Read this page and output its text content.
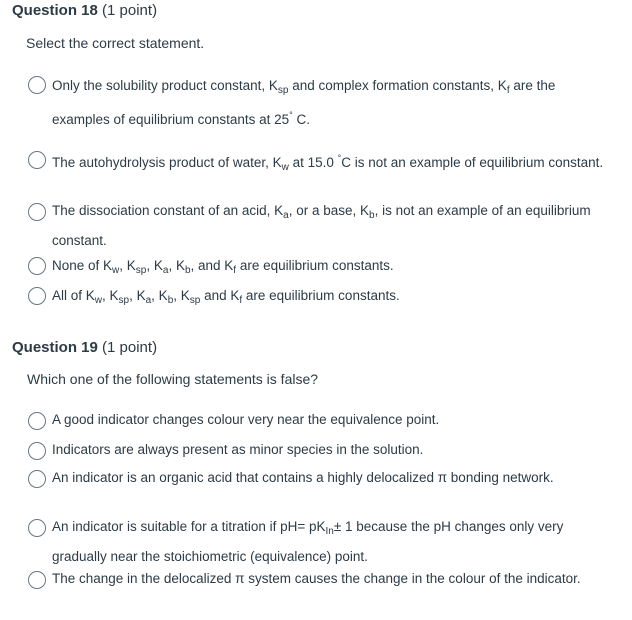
Question 18 (1 point)
Select the correct statement.
Only the solubility product constant, $K_{sp}$ and complex formation constants, $K_f$ are the examples of equilibrium constants at 25° C.
The autohydrolysis product of water, $K_w$ at 15.0 °C is not an example of equilibrium constant.
The dissociation constant of an acid, $K_a$, or a base, $K_b$, is not an example of an equilibrium constant.
None of $K_w$, $K_{sp}$, $K_a$, $K_b$, and $K_f$ are equilibrium constants.
All of $K_w$, $K_{sp}$, $K_a$, $K_b$, $K_{sp}$ and $K_f$ are equilibrium constants.
Question 19 (1 point)
Which one of the following statements is false?
A good indicator changes colour very near the equivalence point.
Indicators are always present as minor species in the solution.
An indicator is an organic acid that contains a highly delocalized π bonding network.
An indicator is suitable for a titration if $pH= pK_{In}\pm 1$ because the pH changes only very gradually near the stoichiometric (equivalence) point.
The change in the delocalized π system causes the change in the colour of the indicator.
